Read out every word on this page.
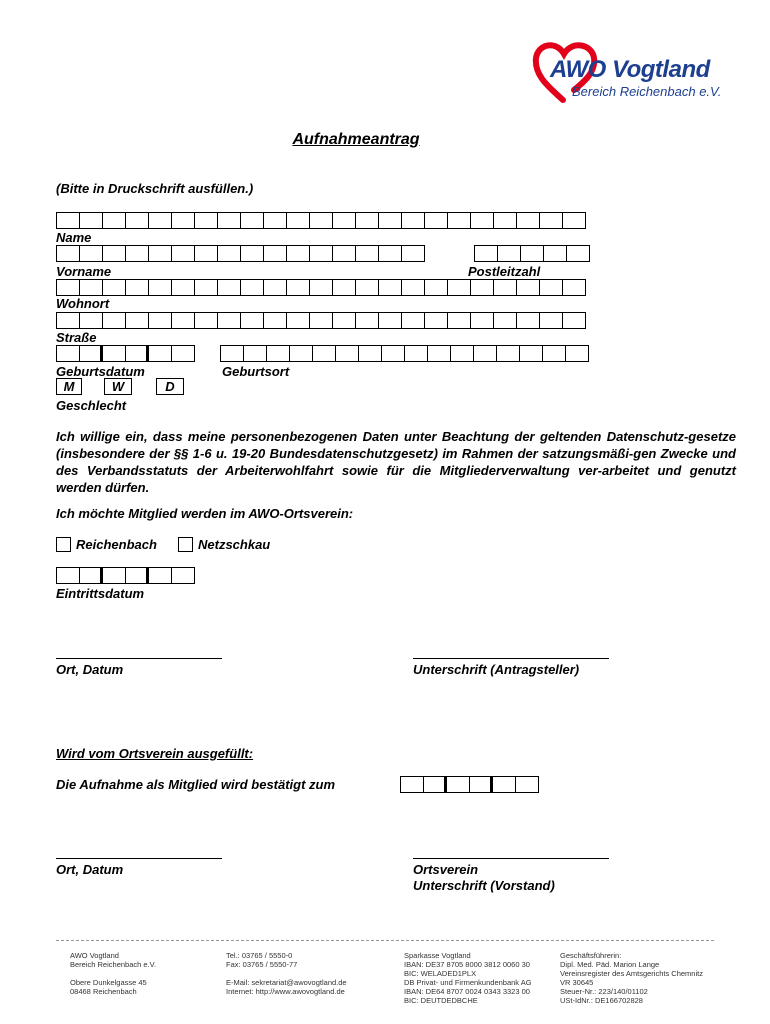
AWO Vogtland
Bereich Reichenbach e.V.
Aufnahmeantrag
(Bitte in Druckschrift ausfüllen.)
Name
Vorname	Postleitzahl
Wohnort
Straße
Geburtsdatum	Geburtsort
M	W	D
Geschlecht
Ich willige ein, dass meine personenbezogenen Daten unter Beachtung der geltenden Datenschutz-gesetze (insbesondere der §§ 1-6 u. 19-20 Bundesdatenschutzgesetz) im Rahmen der satzungsmäßi-gen Zwecke und des Verbandsstatuts der Arbeiterwohlfahrt sowie für die Mitgliederverwaltung ver-arbeitet und genutzt werden dürfen.
Ich möchte Mitglied werden im AWO-Ortsverein:
Reichenbach	Netzschkau
Eintrittsdatum
Ort, Datum	Unterschrift (Antragsteller)
Wird vom Ortsverein ausgefüllt:
Die Aufnahme als Mitglied wird bestätigt zum
Ort, Datum	Ortsverein
Unterschrift (Vorstand)
AWO Vogtland
Bereich Reichenbach e.V.

Obere Dunkelgasse 45
08468 Reichenbach
Tel.: 03765 / 5550-0
Fax: 03765 / 5550-77

E-Mail: sekretariat@awovogtland.de
Internet: http://www.awovogtland.de
Sparkasse Vogtland
IBAN: DE37 8705 8000 3812 0060 30
BIC: WELADED1PLX
DB Privat- und Firmenkundenbank AG
IBAN: DE64 8707 0024 0343 3323 00
BIC: DEUTDEDBCHE
Geschäftsführerin:
Dipl. Med. Päd. Marion Lange
Vereinsregister des Amtsgerichts Chemnitz
VR 30645
Steuer-Nr.: 223/140/01102
USt-IdNr.: DE166702828
